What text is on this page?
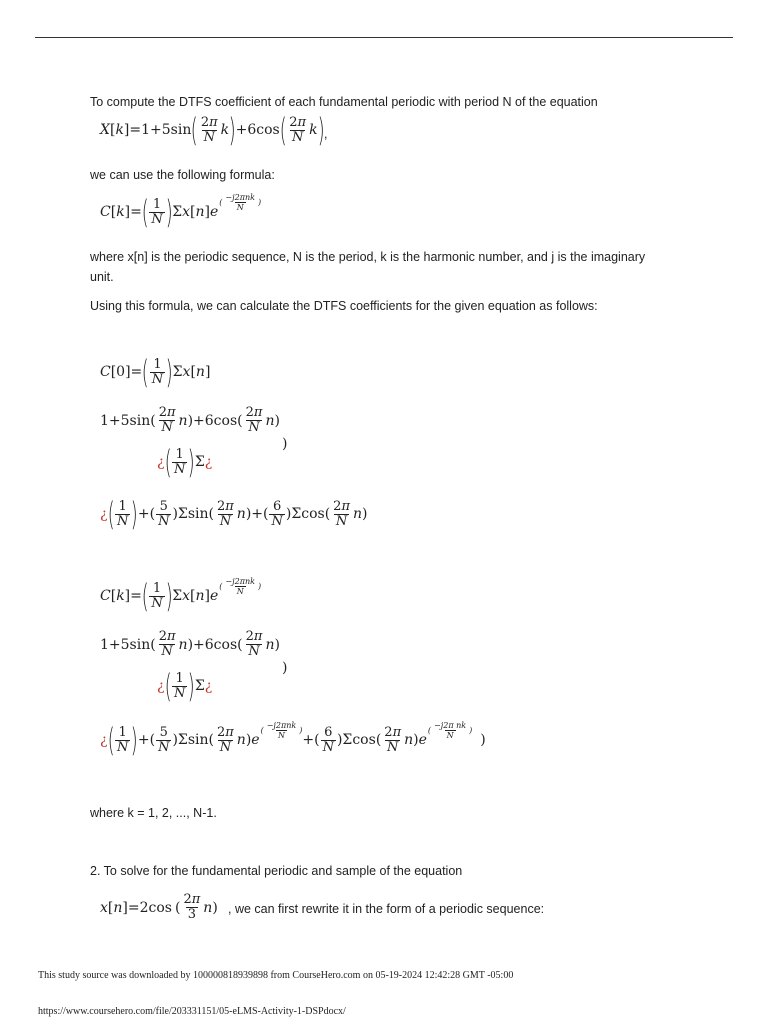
To compute the DTFS coefficient of each fundamental periodic with period N of the equation

X [ k ]=1+5 sin ( $\frac{2\pi}{N}$ k ) +6 cos ( $\frac{2\pi}{N}$ k ) ,

we can use the following formula:

C [ k ]= ( $\frac{1}{N}$ ) Σ x [ n ] e
( $\frac{\text{−j2πnk}}{N}$ )

where x[n] is the periodic sequence, N is the period, k is the harmonic number, and j is the imaginary

unit.

Using this formula, we can calculate the DTFS coefficients for the given equation as follows:

C [0]= ( $\frac{1}{N}$ ) Σ x [ n ]
1+5 sin ( $\frac{2\pi}{N}$ n )+6 cos ( $\frac{2\pi}{N}$ n )
)
¿ ( $\frac{1}{N}$ ) Σ ¿
¿ ( $\frac{1}{N}$ ) +( $\frac{5}{N} )\Sigma$ sin ( $\frac{2\pi}{N}$ n )+( $\frac{6}{N} )\Sigma$ cos ( $\frac{2\pi}{N}$ n )
C [ k ]= ( $\frac{1}{N}$ ) Σ x [ n ] e
( $\frac{\text{−j2πnk}}{N}$ )
1+5 sin ( $\frac{2\pi}{N}$ n )+6 cos ( $\frac{2\pi}{N}$ n )
)
¿ ( $\frac{1}{N}$ ) Σ ¿
¿ ( $\frac{1}{N}$ ) +( $\frac{5}{N} )\Sigma$ sin ( $\frac{2\pi}{N}$ n ) e
( $\frac{\text{−j2πnk}}{N}$ )
+( $\frac{6}{N} )\Sigma$ cos ( $\frac{2\pi}{N}$ n ) e
( $\frac{\text{−j2π nk}}{N}$ )
)

where k = 1, 2, ..., N-1.

2. To solve for the fundamental periodic and sample of the equation

x [ n ]=2 cos ( $\frac{2\pi}{3}$ n ) , we can first rewrite it in the form of a periodic sequence:
This study source was downloaded by 100000818939898 from CourseHero.com on 05-19-2024 12:42:28 GMT -05:00
https://www.coursehero.com/file/203331151/05-eLMS-Activity-1-DSPdocx/
